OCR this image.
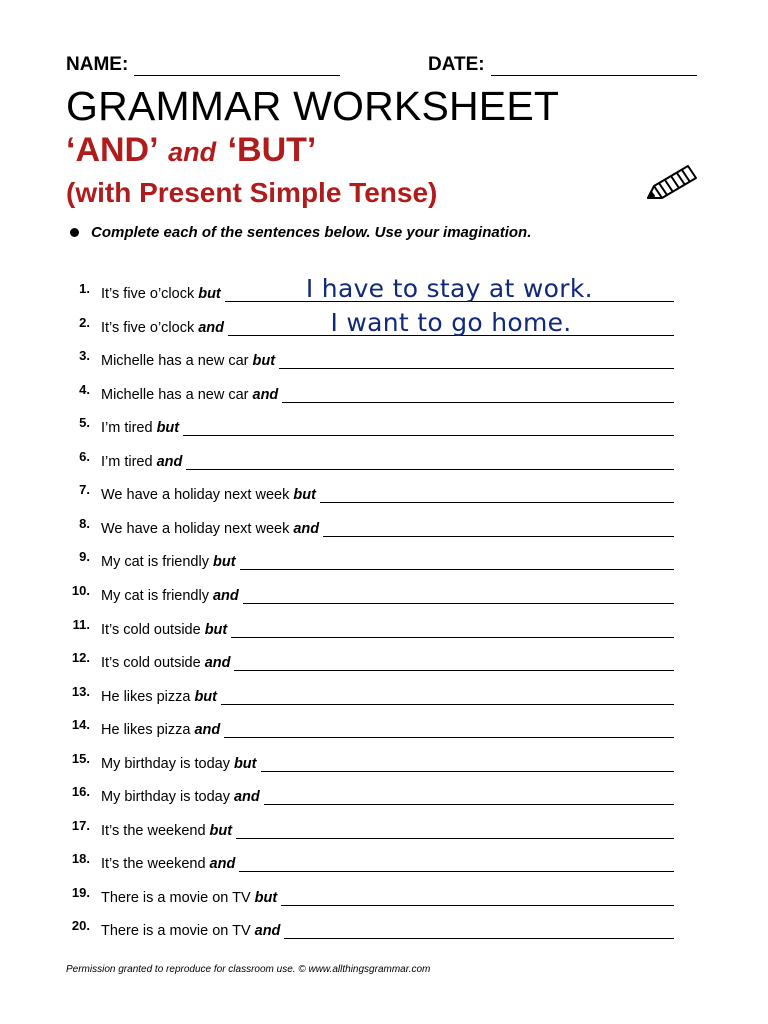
NAME:	DATE:
GRAMMAR WORKSHEET
‘AND’ and ‘BUT’
(with Present Simple Tense)
Complete each of the sentences below. Use your imagination.
1. It’s five o’clock but	I have to stay at work.
2. It’s five o’clock and	I want to go home.
3. Michelle has a new car but
4. Michelle has a new car and
5. I’m tired but
6. I’m tired and
7. We have a holiday next week but
8. We have a holiday next week and
9. My cat is friendly but
10. My cat is friendly and
11. It’s cold outside but
12. It’s cold outside and
13. He likes pizza but
14. He likes pizza and
15. My birthday is today but
16. My birthday is today and
17. It’s the weekend but
18. It’s the weekend and
19. There is a movie on TV but
20. There is a movie on TV and
Permission granted to reproduce for classroom use. © www.allthingsgrammar.com
